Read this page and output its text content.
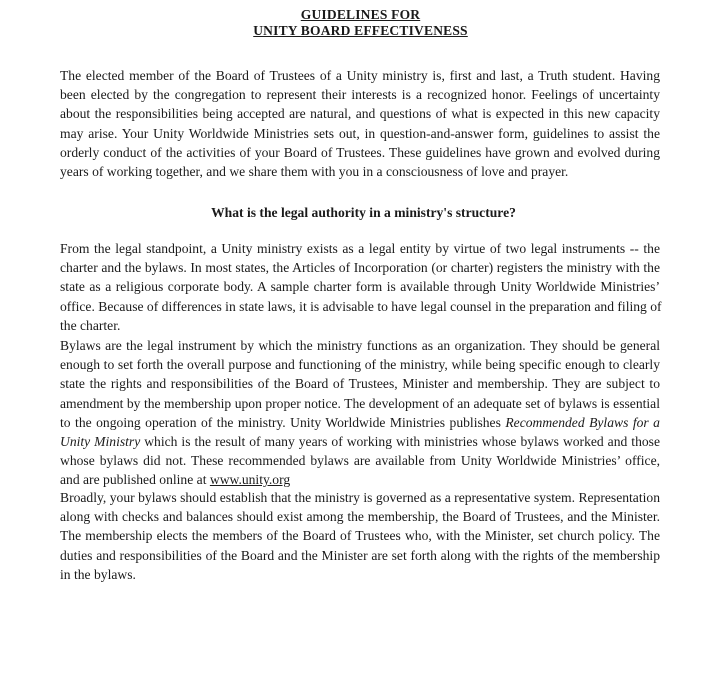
GUIDELINES FOR
UNITY BOARD EFFECTIVENESS
The elected member of the Board of Trustees of a Unity ministry is, first and last, a Truth student. Having
been elected by the congregation to represent their interests is a recognized honor. Feelings of uncertainty
about the responsibilities being accepted are natural, and questions of what is expected in this new capacity
may arise. Your Unity Worldwide Ministries sets out, in question-and-answer form, guidelines to assist the
orderly conduct of the activities of your Board of Trustees. These guidelines have grown and evolved during
years of working together, and we share them with you in a consciousness of love and prayer.
What is the legal authority in a ministry's structure?
From the legal standpoint, a Unity ministry exists as a legal entity by virtue of two legal instruments -- the
charter and the bylaws. In most states, the Articles of Incorporation (or charter) registers the ministry with the
state as a religious corporate body. A sample charter form is available through Unity Worldwide Ministries’
office. Because of differences in state laws, it is advisable to have legal counsel in the preparation and filing of
the charter.
Bylaws are the legal instrument by which the ministry functions as an organization. They should be general
enough to set forth the overall purpose and functioning of the ministry, while being specific enough to clearly
state the rights and responsibilities of the Board of Trustees, Minister and membership. They are subject to
amendment by the membership upon proper notice. The development of an adequate set of bylaws is essential
to the ongoing operation of the ministry. Unity Worldwide Ministries publishes Recommended Bylaws for a
Unity Ministry which is the result of many years of working with ministries whose bylaws worked and those
whose bylaws did not. These recommended bylaws are available from Unity Worldwide Ministries’ office,
and are published online at www.unity.org
Broadly, your bylaws should establish that the ministry is governed as a representative system. Representation
along with checks and balances should exist among the membership, the Board of Trustees, and the Minister.
The membership elects the members of the Board of Trustees who, with the Minister, set church policy. The
duties and responsibilities of the Board and the Minister are set forth along with the rights of the membership
in the bylaws.
